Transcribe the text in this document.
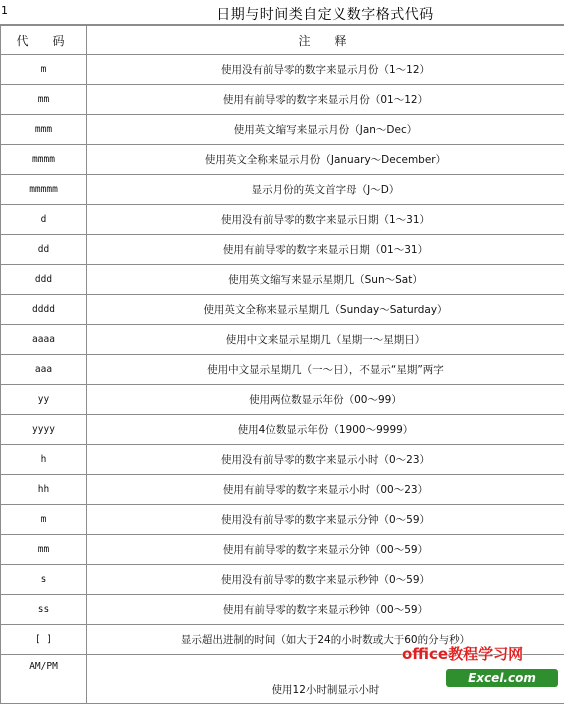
1	日期与时间类自定义数字格式代码
代　码	注　释
m	使用没有前导零的数字来显示月份（1～12）
mm	使用有前导零的数字来显示月份（01～12）
mmm	使用英文缩写来显示月份（Jan～Dec）
mmmm	使用英文全称来显示月份（January～December）
mmmmm	显示月份的英文首字母（J～D）
d	使用没有前导零的数字来显示日期（1～31）
dd	使用有前导零的数字来显示日期（01～31）
ddd	使用英文缩写来显示星期几（Sun～Sat）
dddd	使用英文全称来显示星期几（Sunday～Saturday）
aaaa	使用中文来显示星期几（星期一～星期日）
aaa	使用中文显示星期几（一～日），不显示“星期”两字
yy	使用两位数显示年份（00～99）
yyyy	使用4位数显示年份（1900～9999）
h	使用没有前导零的数字来显示小时（0～23）
hh	使用有前导零的数字来显示小时（00～23）
m	使用没有前导零的数字来显示分钟（0～59）
mm	使用有前导零的数字来显示分钟（00～59）
s	使用没有前导零的数字来显示秒钟（0～59）
ss	使用有前导零的数字来显示秒钟（00～59）
[ ]	显示超出进制的时间（如大于24的小时数或大于60的分与秒）

AM/PM	使用12小时制显示小时
office教程学习网
Excel.com
